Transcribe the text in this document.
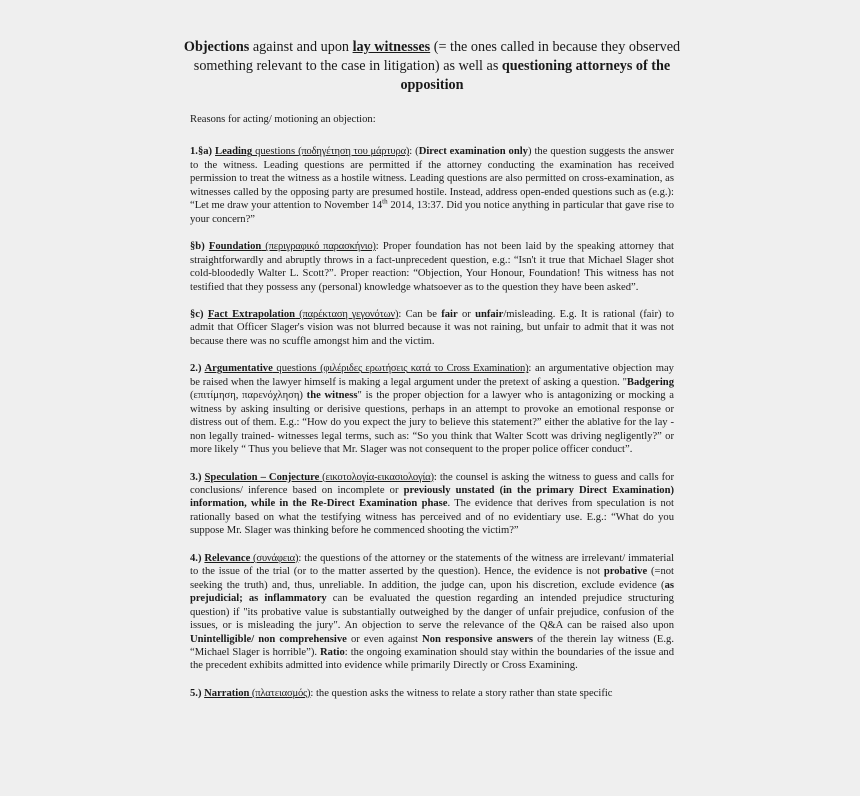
Objections against and upon lay witnesses (= the ones called in because they observed something relevant to the case in litigation) as well as questioning attorneys of the opposition
Reasons for acting/ motioning an objection:
1.§a) Leading questions (ποδηγέτηση του μάρτυρα): (Direct examination only) the question suggests the answer to the witness. Leading questions are permitted if the attorney conducting the examination has received permission to treat the witness as a hostile witness. Leading questions are also permitted on cross-examination, as witnesses called by the opposing party are presumed hostile. Instead, address open-ended questions such as (e.g.): “Let me draw your attention to November 14th 2014, 13:37. Did you notice anything in particular that gave rise to your concern?”
§b) Foundation (περιγραφικό παρασκήνιο): Proper foundation has not been laid by the speaking attorney that straightforwardly and abruptly throws in a fact-unprecedent question, e.g.: “Isn't it true that Michael Slager shot cold-bloodedly Walter L. Scott?”. Proper reaction: “Objection, Your Honour, Foundation! This witness has not testified that they possess any (personal) knowledge whatsoever as to the question they have been asked”.
§c) Fact Extrapolation (παρέκταση γεγονότων): Can be fair or unfair/misleading. E.g. It is rational (fair) to admit that Officer Slager's vision was not blurred because it was not raining, but unfair to admit that it was not because there was no scuffle amongst him and the victim.
2.) Argumentative questions (φιλέριδες ερωτήσεις κατά το Cross Examination): an argumentative objection may be raised when the lawyer himself is making a legal argument under the pretext of asking a question. "Badgering (επιτίμηση, παρενόχληση) the witness" is the proper objection for a lawyer who is antagonizing or mocking a witness by asking insulting or derisive questions, perhaps in an attempt to provoke an emotional response or distress out of them. E.g.: “How do you expect the jury to believe this statement?” either the ablative for the lay -non legally trained- witnesses legal terms, such as: “So you think that Walter Scott was driving negligently?” or more likely “ Thus you believe that Mr. Slager was not consequent to the proper police officer conduct”.
3.) Speculation – Conjecture (εικοτολογία-εικασιολογία): the counsel is asking the witness to guess and calls for conclusions/ inference based on incomplete or previously unstated (in the primary Direct Examination) information, while in the Re-Direct Examination phase. The evidence that derives from speculation is not rationally based on what the testifying witness has perceived and of no evidentiary use. E.g.: “What do you suppose Mr. Slager was thinking before he commenced shooting the victim?”
4.) Relevance (συνάφεια): the questions of the attorney or the statements of the witness are irrelevant/ immaterial to the issue of the trial (or to the matter asserted by the question). Hence, the evidence is not probative (=not seeking the truth) and, thus, unreliable. In addition, the judge can, upon his discretion, exclude evidence (as prejudicial; as inflammatory can be evaluated the question regarding an intended prejudice structuring question) if "its probative value is substantially outweighed by the danger of unfair prejudice, confusion of the issues, or is misleading the jury". An objection to serve the relevance of the Q&A can be raised also upon Unintelligible/ non comprehensive or even against Non responsive answers of the therein lay witness (E.g. “Michael Slager is horrible”). Ratio: the ongoing examination should stay within the boundaries of the issue and the precedent exhibits admitted into evidence while primarily Directly or Cross Examining.
5.) Narration (πλατειασμός): the question asks the witness to relate a story rather than state specific
